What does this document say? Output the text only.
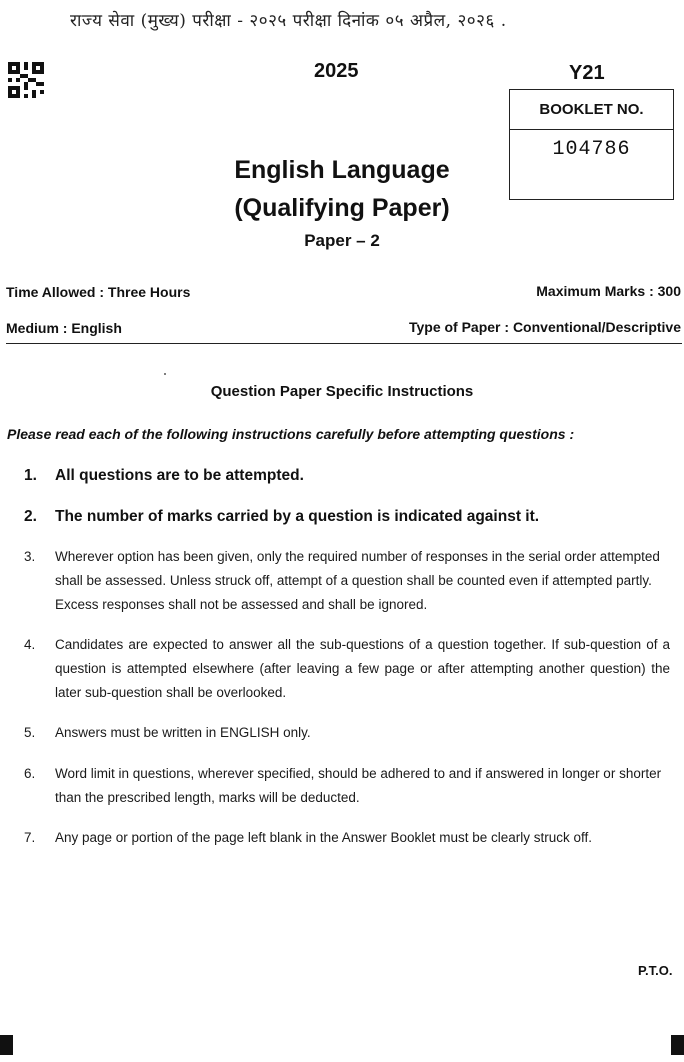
राज्य सेवा (मुख्य) परीक्षा - २०२५ परीक्षा दिनांक ०५ अप्रैल, २०२६ .
2025	Y21
BOOKLET NO.
104786
English Language
(Qualifying Paper)
Paper – 2
Time Allowed : Three Hours	Maximum Marks : 300
Medium : English	Type of Paper : Conventional/Descriptive
Question Paper Specific Instructions
Please read each of the following instructions carefully before attempting questions :
1. All questions are to be attempted.
2. The number of marks carried by a question is indicated against it.
3. Wherever option has been given, only the required number of responses in the serial order attempted shall be assessed. Unless struck off, attempt of a question shall be counted even if attempted partly. Excess responses shall not be assessed and shall be ignored.
4. Candidates are expected to answer all the sub-questions of a question together. If sub-question of a question is attempted elsewhere (after leaving a few page or after attempting another question) the later sub-question shall be overlooked.
5. Answers must be written in ENGLISH only.
6. Word limit in questions, wherever specified, should be adhered to and if answered in longer or shorter than the prescribed length, marks will be deducted.
7. Any page or portion of the page left blank in the Answer Booklet must be clearly struck off.
P.T.O.
